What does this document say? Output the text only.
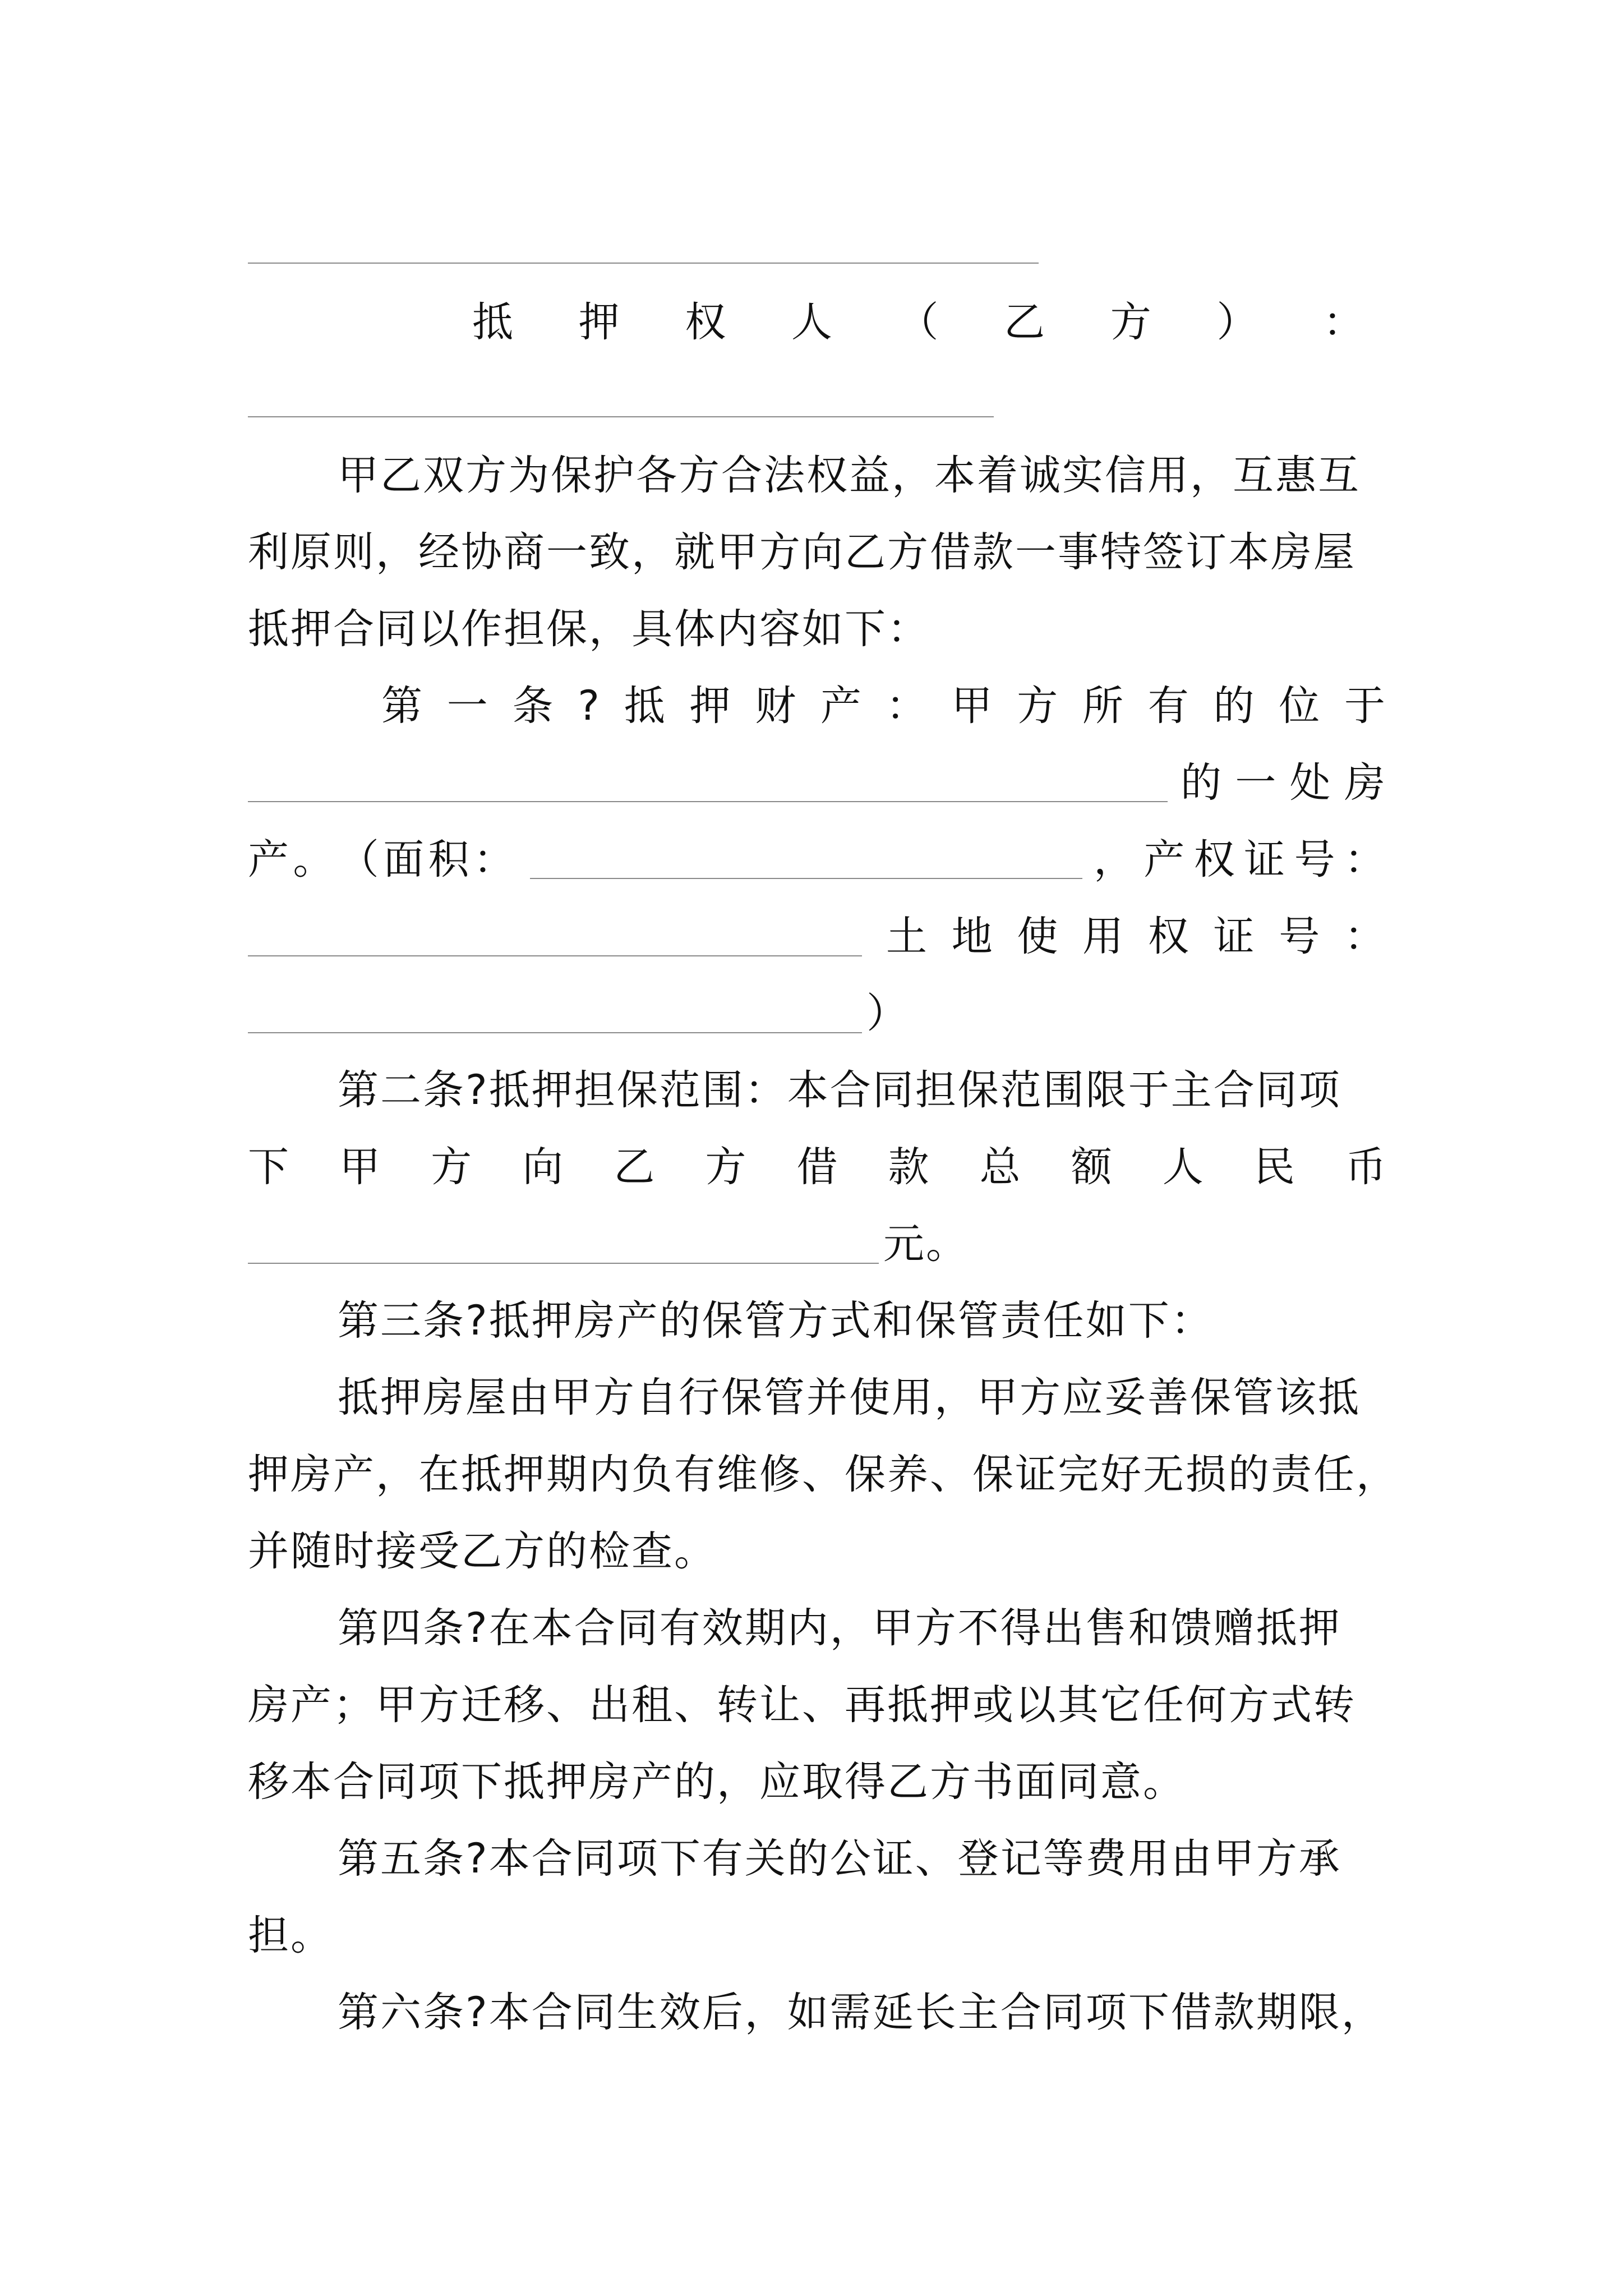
抵 押 权 人 （ 乙 方 ） ：
甲乙双方为保护各方合法权益，本着诚实信用，互惠互
利原则，经协商一致，就甲方向乙方借款一事特签订本房屋
抵押合同以作担保，具体内容如下：
第 一 条 ? 抵 押 财 产 ： 甲 方 所 有 的 位 于
的 一 处 房
产 。 （ 面 积 ：	， 产 权 证 号 ：
土 地 使 用 权 证 号 ：
）
第二条?抵押担保范围：本合同担保范围限于主合同项
下 甲 方 向 乙 方 借 款 总 额 人 民 币
元。
第三条?抵押房产的保管方式和保管责任如下：
抵押房屋由甲方自行保管并使用，甲方应妥善保管该抵
押房产，在抵押期内负有维修、保养、保证完好无损的责任，
并随时接受乙方的检查。
第四条?在本合同有效期内，甲方不得出售和馈赠抵押
房产；甲方迁移、出租、转让、再抵押或以其它任何方式转
移本合同项下抵押房产的，应取得乙方书面同意。
第五条?本合同项下有关的公证、登记等费用由甲方承
担。
第六条?本合同生效后，如需延长主合同项下借款期限，
